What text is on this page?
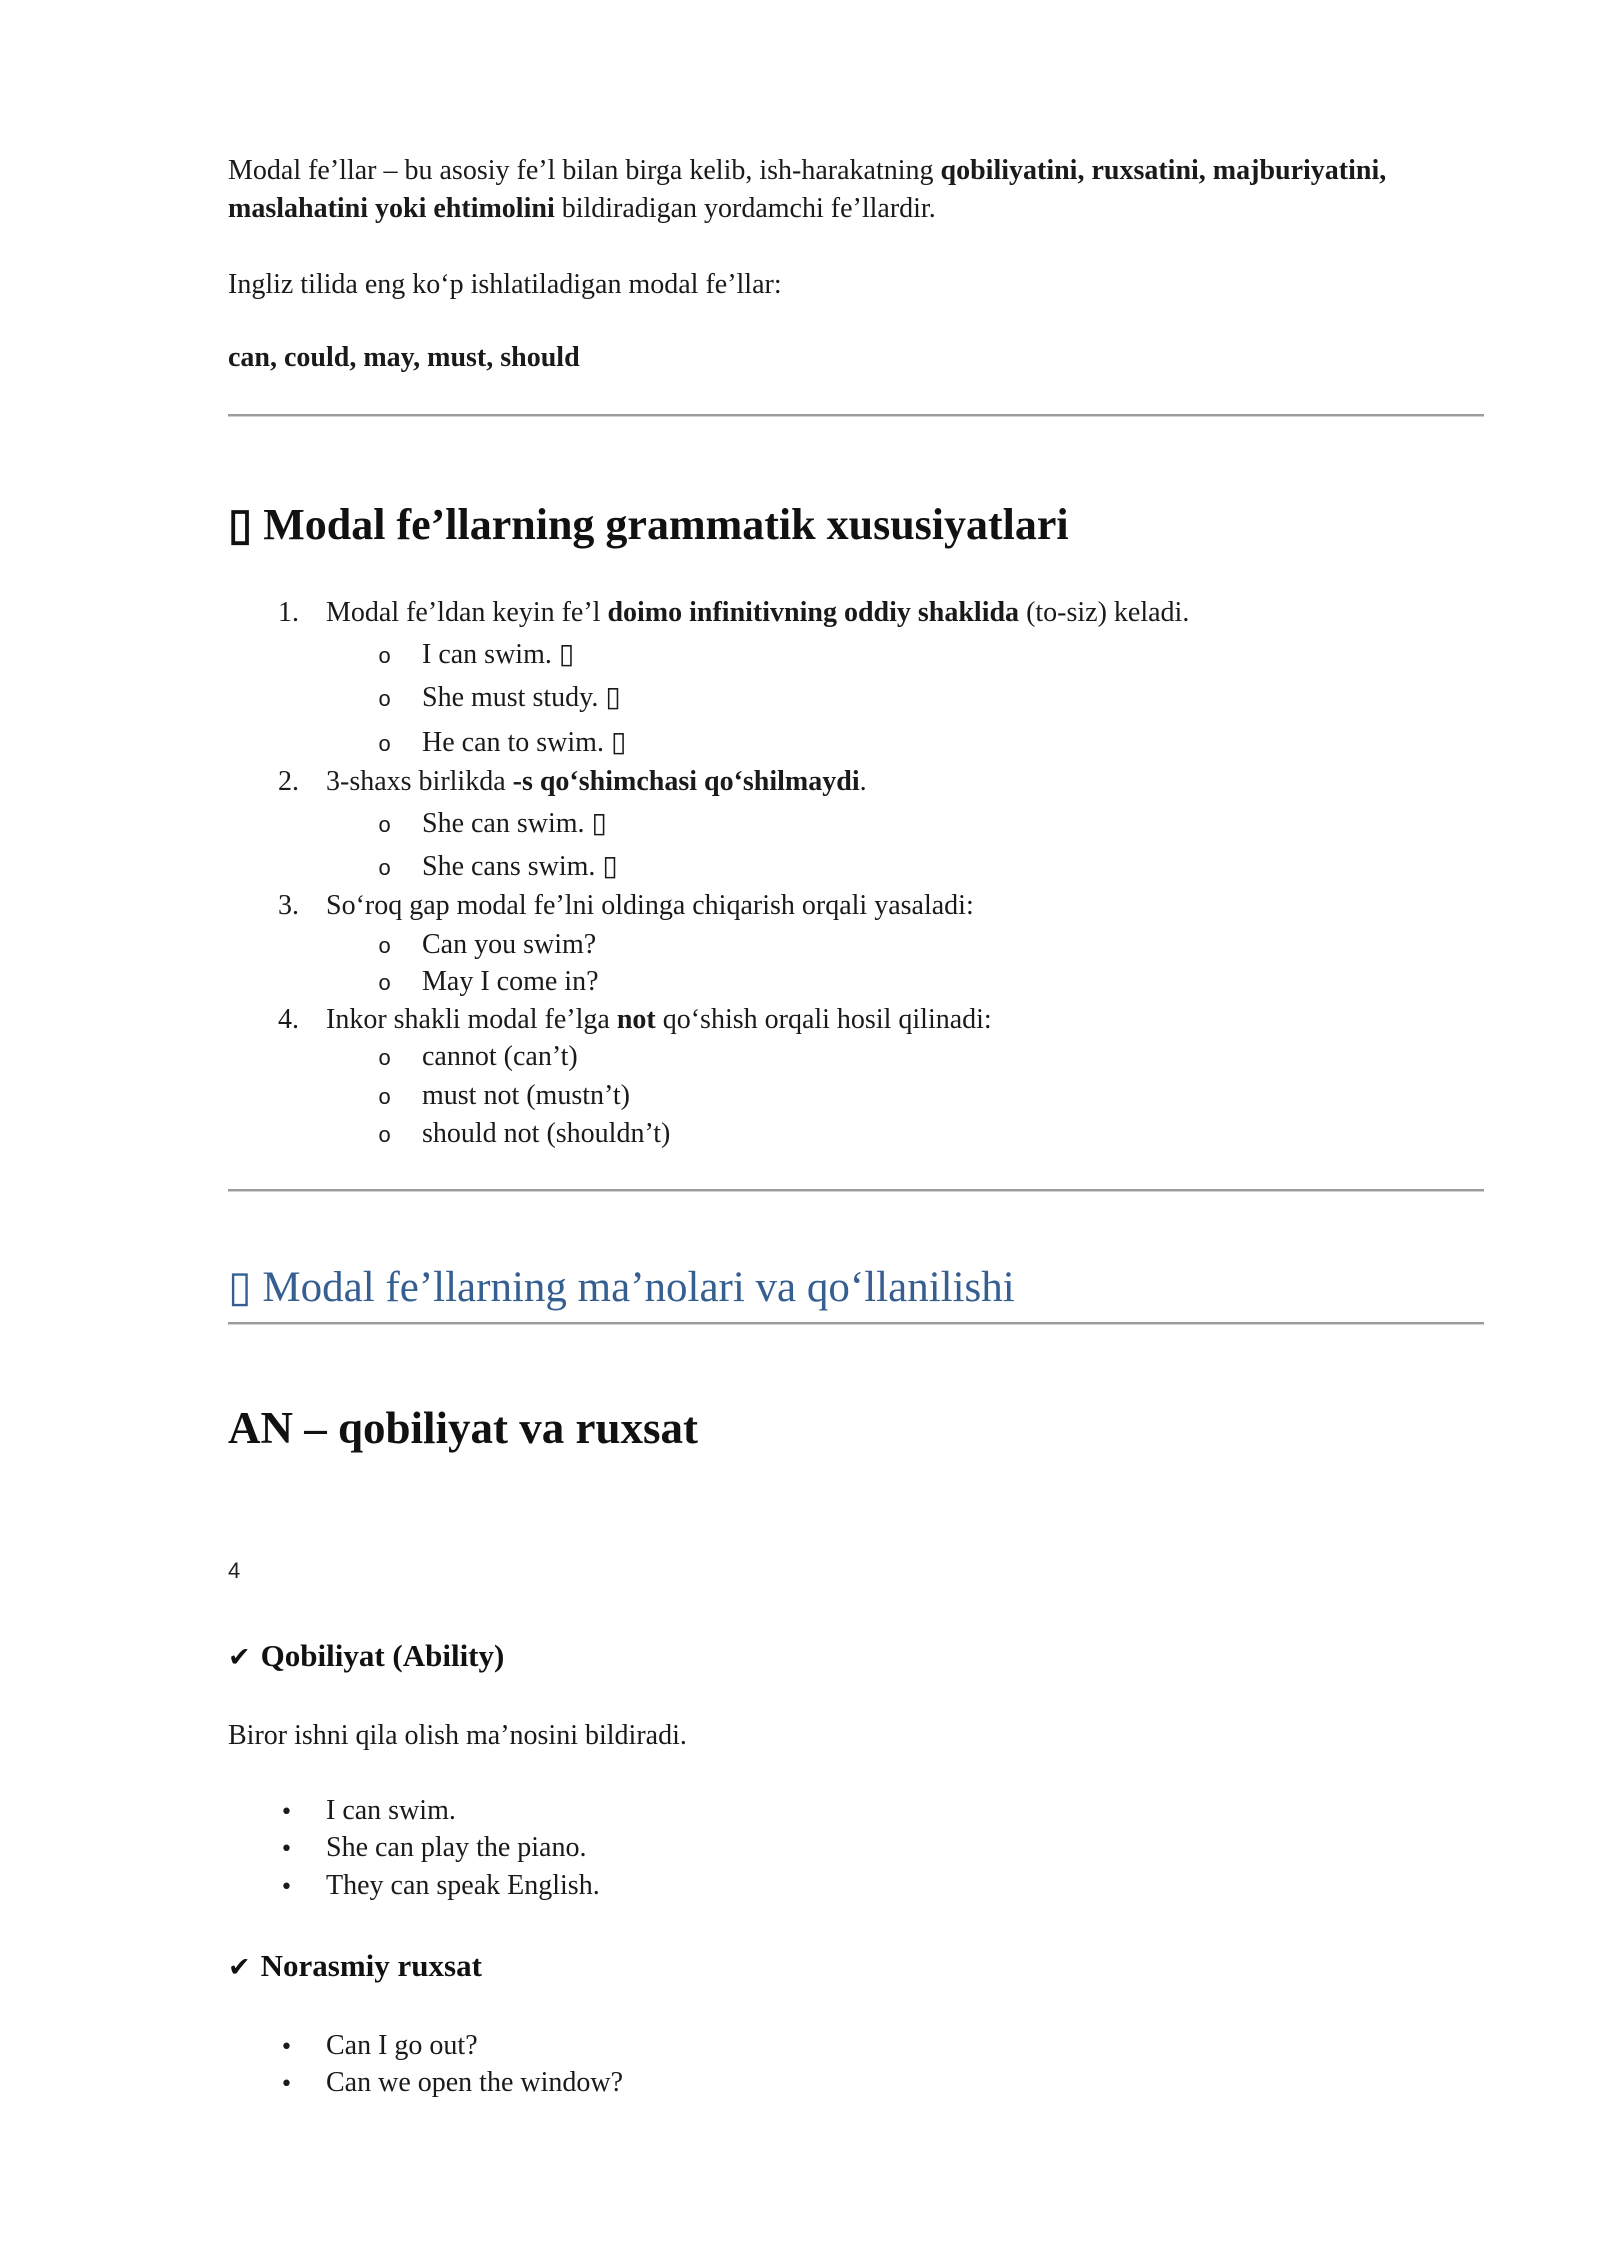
Modal fe’llar – bu asosiy fe’l bilan birga kelib, ish-harakatning qobiliyatini, ruxsatini, majburiyatini, maslahatini yoki ehtimolini bildiradigan yordamchi fe’llardir.
Ingliz tilida eng ko‘p ishlatiladigan modal fe’llar:
can, could, may, must, should
▯ Modal fe’llarning grammatik xususiyatlari
1. Modal fe’ldan keyin fe’l doimo infinitivning oddiy shaklida (to-siz) keladi.
o	I can swim. ▯
o	She must study. ▯
o	He can to swim. ▯
2. 3-shaxs birlikda -s qo‘shimchasi qo‘shilmaydi.
o	She can swim. ▯
o	She cans swim. ▯
3. So‘roq gap modal fe’lni oldinga chiqarish orqali yasaladi:
o	Can you swim?
o	May I come in?
4. Inkor shakli modal fe’lga not qo‘shish orqali hosil qilinadi:
o	cannot (can’t)
o	must not (mustn’t)
o	should not (shouldn’t)
▯ Modal fe’llarning ma’nolari va qo‘llanilishi
AN – qobiliyat va ruxsat
4
✔ Qobiliyat (Ability)
Biror ishni qila olish ma’nosini bildiradi.
•	I can swim.
•	She can play the piano.
•	They can speak English.
✔ Norasmiy ruxsat
•	Can I go out?
•	Can we open the window?
